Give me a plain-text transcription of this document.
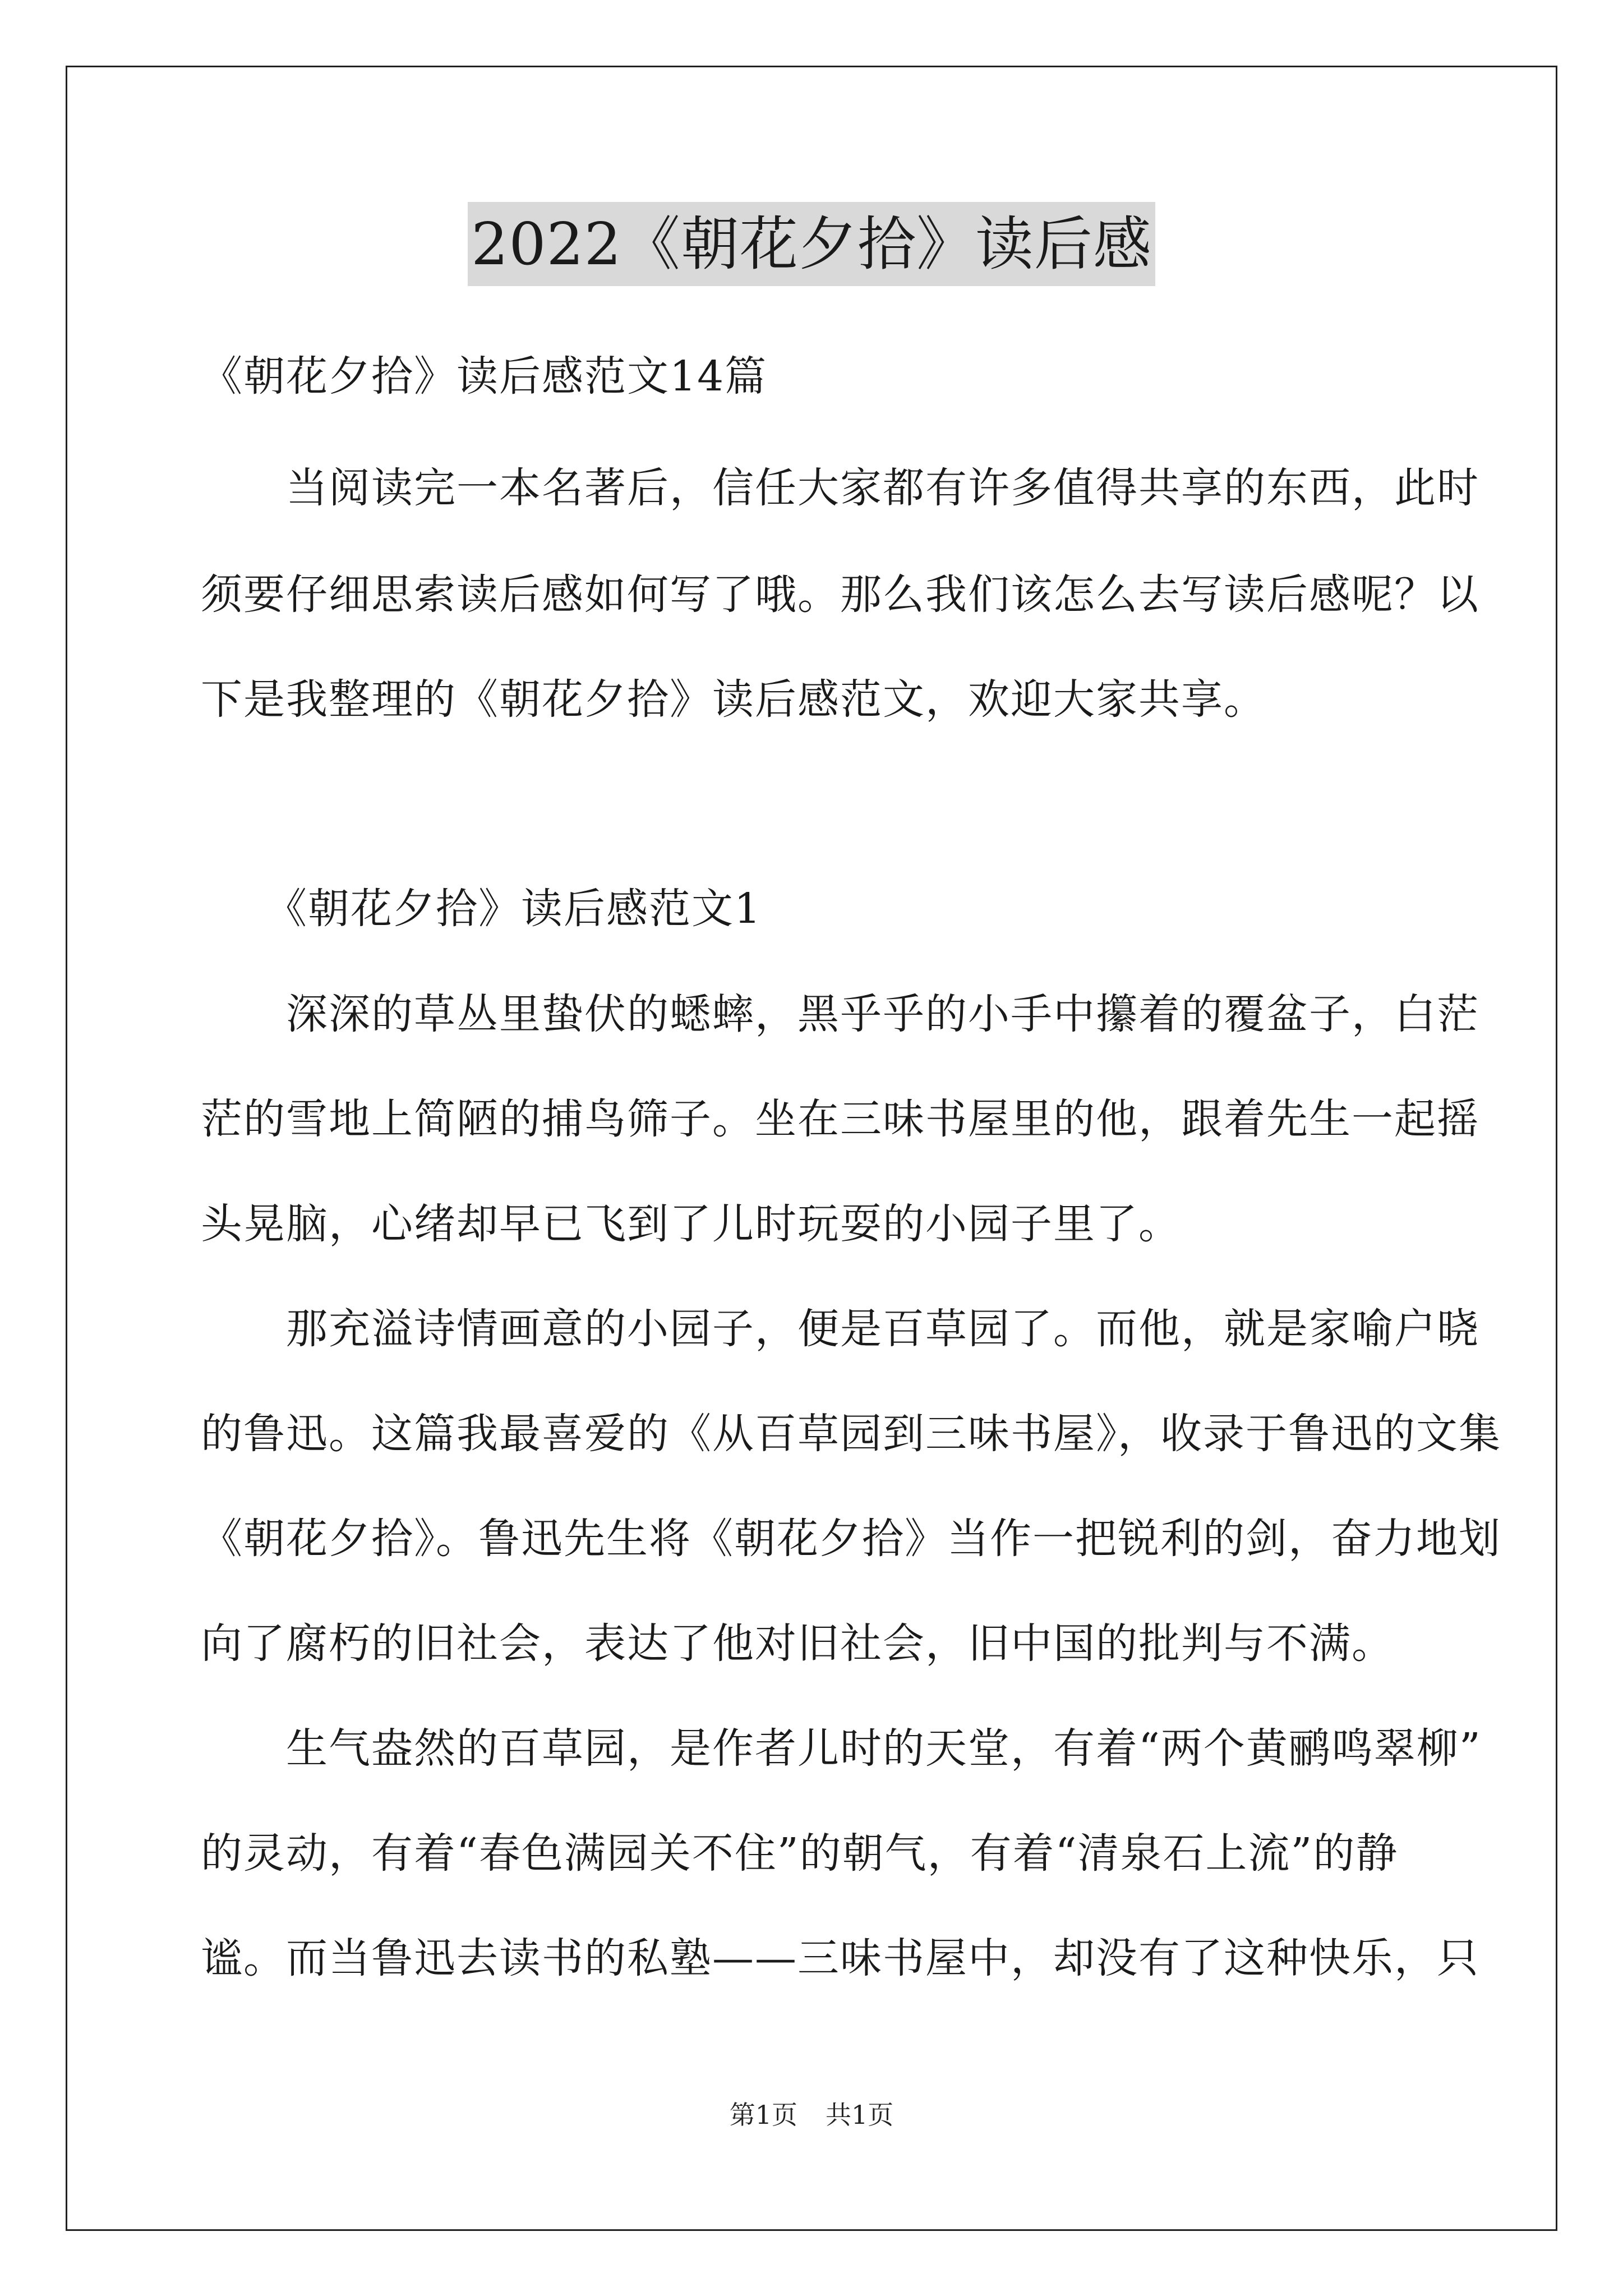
2022《朝花夕拾》读后感
《朝花夕拾》读后感范文14篇
　　当阅读完一本名著后，信任大家都有许多值得共享的东西，此时
须要仔细思索读后感如何写了哦。那么我们该怎么去写读后感呢？以
下是我整理的《朝花夕拾》读后感范文，欢迎大家共享。
　　《朝花夕拾》读后感范文1
　　深深的草丛里蛰伏的蟋蟀，黑乎乎的小手中攥着的覆盆子，白茫
茫的雪地上简陋的捕鸟筛子。坐在三味书屋里的他，跟着先生一起摇
头晃脑，心绪却早已飞到了儿时玩耍的小园子里了。
　　那充溢诗情画意的小园子，便是百草园了。而他，就是家喻户晓
的鲁迅。这篇我最喜爱的《从百草园到三味书屋》，收录于鲁迅的文集
《朝花夕拾》。鲁迅先生将《朝花夕拾》当作一把锐利的剑，奋力地划
向了腐朽的旧社会，表达了他对旧社会，旧中国的批判与不满。
　　生气盎然的百草园，是作者儿时的天堂，有着“两个黄鹂鸣翠柳”
的灵动，有着“春色满园关不住”的朝气，有着“清泉石上流”的静
谧。而当鲁迅去读书的私塾——三味书屋中，却没有了这种快乐，只
第1页 共1页
